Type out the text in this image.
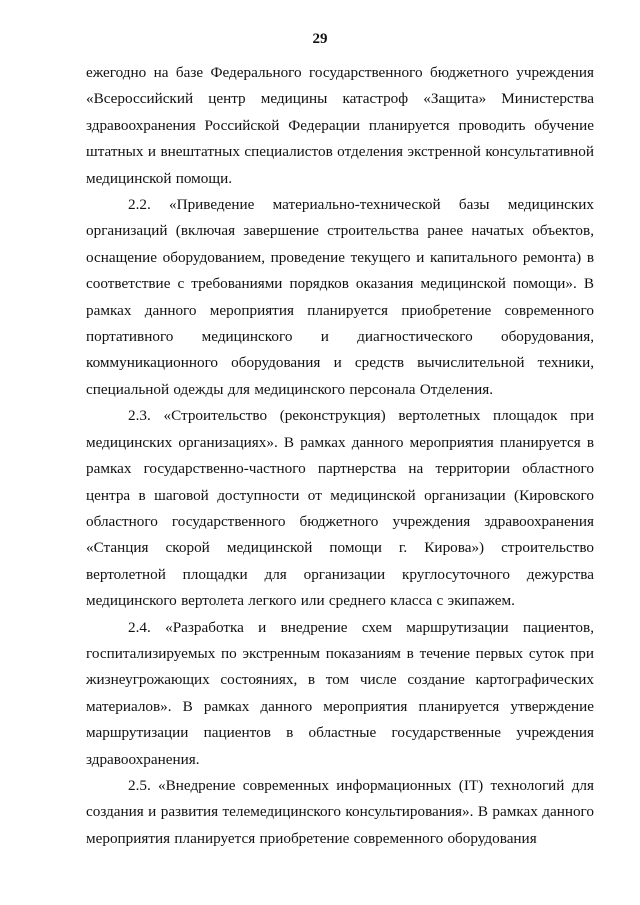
29

ежегодно на базе Федерального государственного бюджетного учреждения «Всероссийский центр медицины катастроф «Защита» Министерства здравоохранения Российской Федерации планируется проводить обучение штатных и внештатных специалистов отделения экстренной консультативной медицинской помощи.

2.2. «Приведение материально-технической базы медицинских организаций (включая завершение строительства ранее начатых объектов, оснащение оборудованием, проведение текущего и капитального ремонта) в соответствие с требованиями порядков оказания медицинской помощи». В рамках данного мероприятия планируется приобретение современного портативного медицинского и диагностического оборудования, коммуникационного оборудования и средств вычислительной техники, специальной одежды для медицинского персонала Отделения.

2.3. «Строительство (реконструкция) вертолетных площадок при медицинских организациях». В рамках данного мероприятия планируется в рамках государственно-частного партнерства на территории областного центра в шаговой доступности от медицинской организации (Кировского областного государственного бюджетного учреждения здравоохранения «Станция скорой медицинской помощи г. Кирова») строительство вертолетной площадки для организации круглосуточного дежурства медицинского вертолета легкого или среднего класса с экипажем.

2.4. «Разработка и внедрение схем маршрутизации пациентов, госпитализируемых по экстренным показаниям в течение первых суток при жизнеугрожающих состояниях, в том числе создание картографических материалов». В рамках данного мероприятия планируется утверждение маршрутизации пациентов в областные государственные учреждения здравоохранения.

2.5. «Внедрение современных информационных (IT) технологий для создания и развития телемедицинского консультирования». В рамках данного мероприятия планируется приобретение современного оборудования
